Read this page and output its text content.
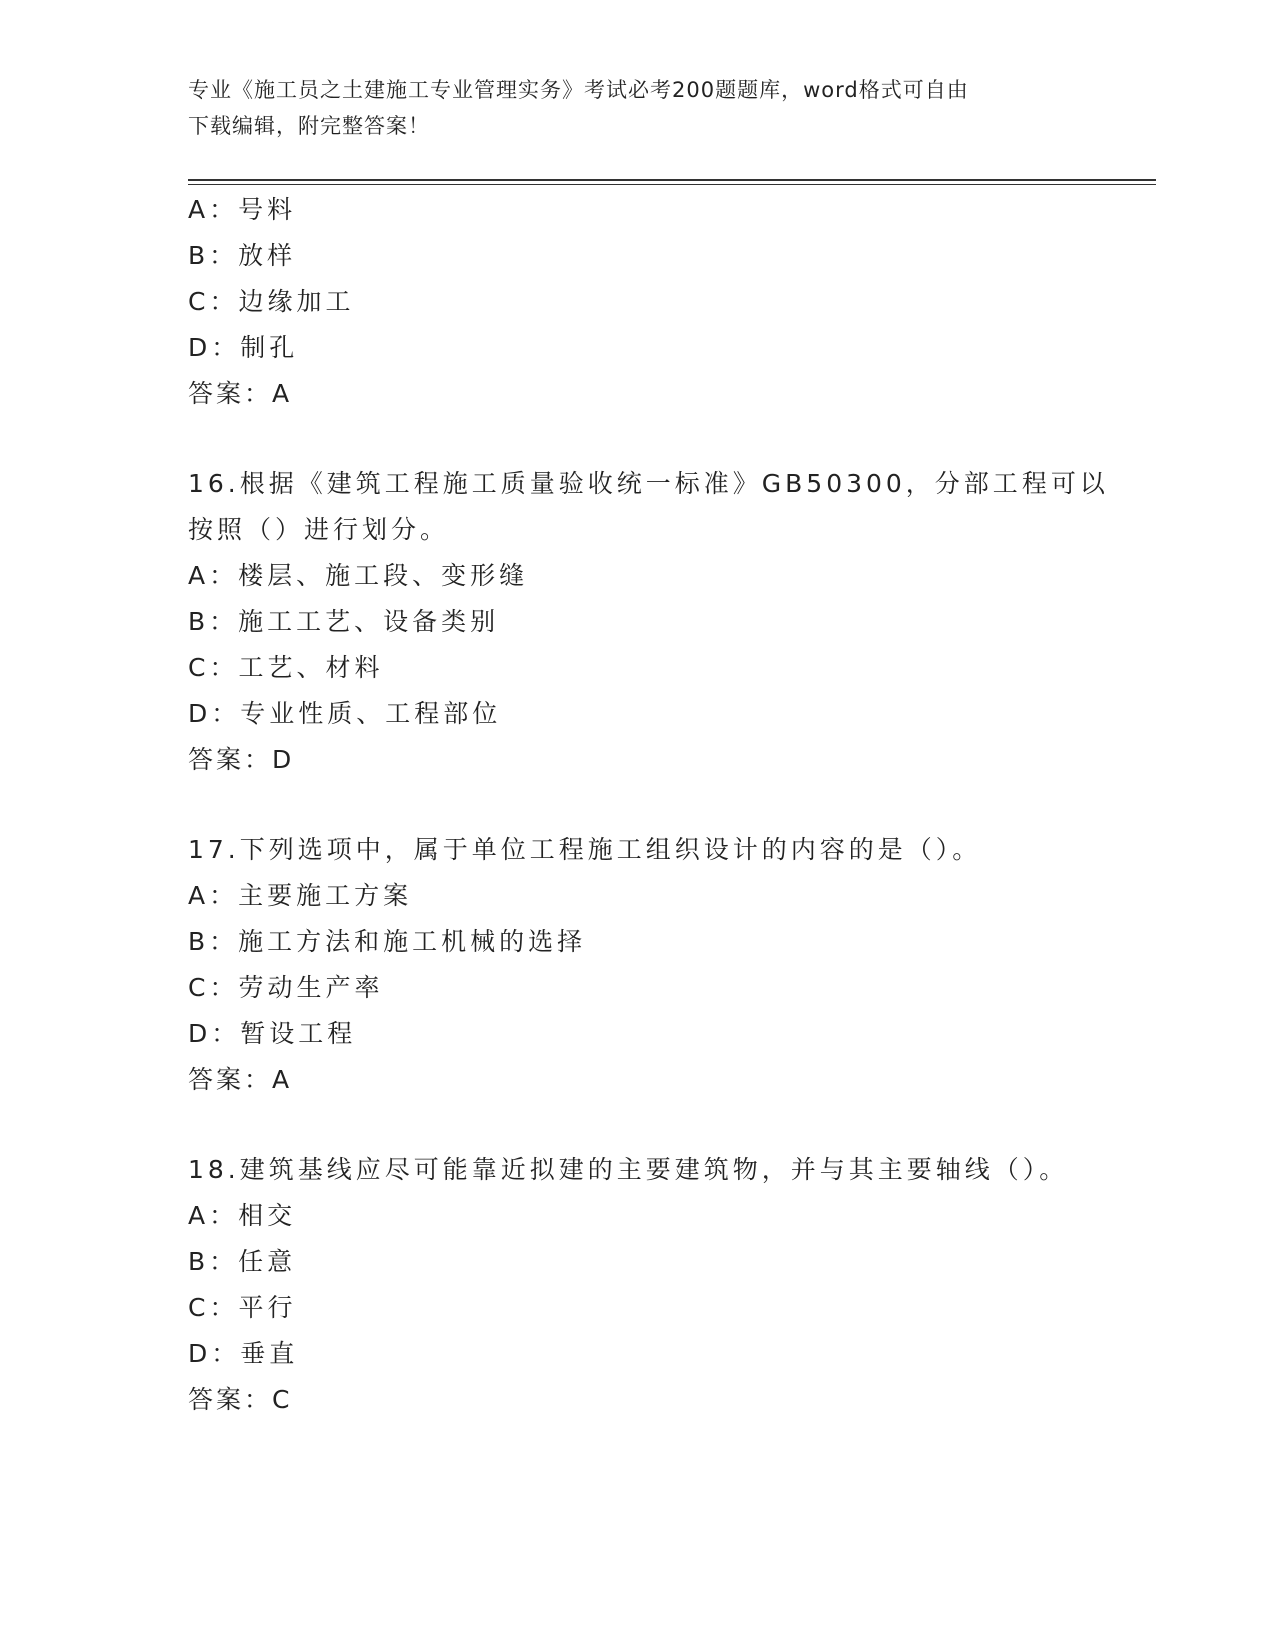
专业《施工员之土建施工专业管理实务》考试必考200题题库，word格式可自由
下载编辑，附完整答案！
A：号料
B：放样
C：边缘加工
D：制孔
答案：A
16.根据《建筑工程施工质量验收统一标准》GB50300，分部工程可以
按照（）进行划分。
A：楼层、施工段、变形缝
B：施工工艺、设备类别
C：工艺、材料
D：专业性质、工程部位
答案：D
17.下列选项中，属于单位工程施工组织设计的内容的是（）。
A：主要施工方案
B：施工方法和施工机械的选择
C：劳动生产率
D：暂设工程
答案：A
18.建筑基线应尽可能靠近拟建的主要建筑物，并与其主要轴线（）。
A：相交
B：任意
C：平行
D：垂直
答案：C
